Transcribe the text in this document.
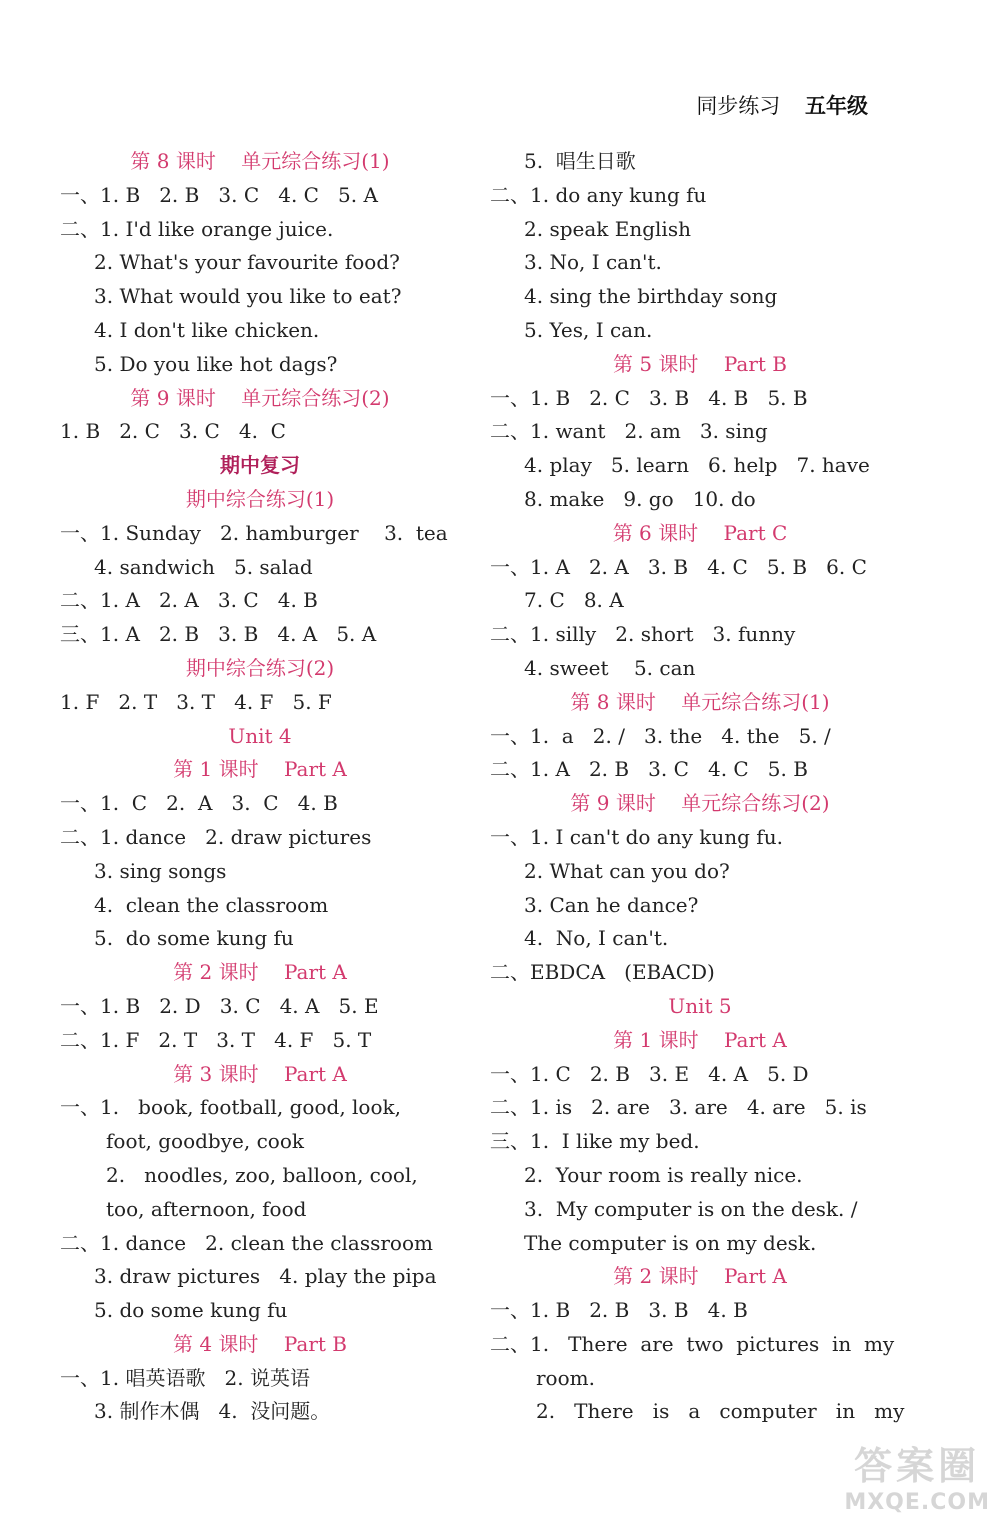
同步练习 五年级
第 8 课时    单元综合练习(1)
一、1. B   2. B   3. C   4. C   5. A
二、1. I'd like orange juice.
2. What's your favourite food?
3. What would you like to eat?
4. I don't like chicken.
5. Do you like hot dags?
第 9 课时    单元综合练习(2)
1. B   2. C   3. C   4.  C
期中复习
期中综合练习(1)
一、1. Sunday   2. hamburger    3.  tea
4. sandwich   5. salad
二、1. A   2. A   3. C   4. B
三、1. A   2. B   3. B   4. A   5. A
期中综合练习(2)
1. F   2. T   3. T   4. F   5. F
Unit 4
第 1 课时    Part A
一、1.  C   2.  A   3.  C   4. B
二、1. dance   2. draw pictures
3. sing songs
4.  clean the classroom
5.  do some kung fu
第 2 课时    Part A
一、1. B   2. D   3. C   4. A   5. E
二、1. F   2. T   3. T   4. F   5. T
第 3 课时    Part A
一、1.   book, football, good, look,
foot, goodbye, cook
2.   noodles, zoo, balloon, cool,
too, afternoon, food
二、1. dance   2. clean the classroom
3. draw pictures   4. play the pipa
5. do some kung fu
第 4 课时    Part B
一、1. 唱英语歌   2. 说英语
3. 制作木偶   4.  没问题。
5.  唱生日歌
二、1. do any kung fu
2. speak English
3. No, I can't.
4. sing the birthday song
5. Yes, I can.
第 5 课时    Part B
一、1. B   2. C   3. B   4. B   5. B
二、1. want   2. am   3. sing
4. play   5. learn   6. help   7. have
8. make   9. go   10. do
第 6 课时    Part C
一、1. A   2. A   3. B   4. C   5. B   6. C
7. C   8. A
二、1. silly   2. short   3. funny
4. sweet    5. can
第 8 课时    单元综合练习(1)
一、1.  a   2. /   3. the   4. the   5. /
二、1. A   2. B   3. C   4. C   5. B
第 9 课时    单元综合练习(2)
一、1. I can't do any kung fu.
2. What can you do?
3. Can he dance?
4.  No, I can't.
二、EBDCA   (EBACD)
Unit 5
第 1 课时    Part A
一、1. C   2. B   3. E   4. A   5. D
二、1. is   2. are   3. are   4. are   5. is
三、1.  I like my bed.
2.  Your room is really nice.
3.  My computer is on the desk. /
The computer is on my desk.
第 2 课时    Part A
一、1. B   2. B   3. B   4. B
二、1.   There  are  two  pictures  in  my
room.
2.   There   is   a   computer   in   my
答案圈
MXQE.COM
